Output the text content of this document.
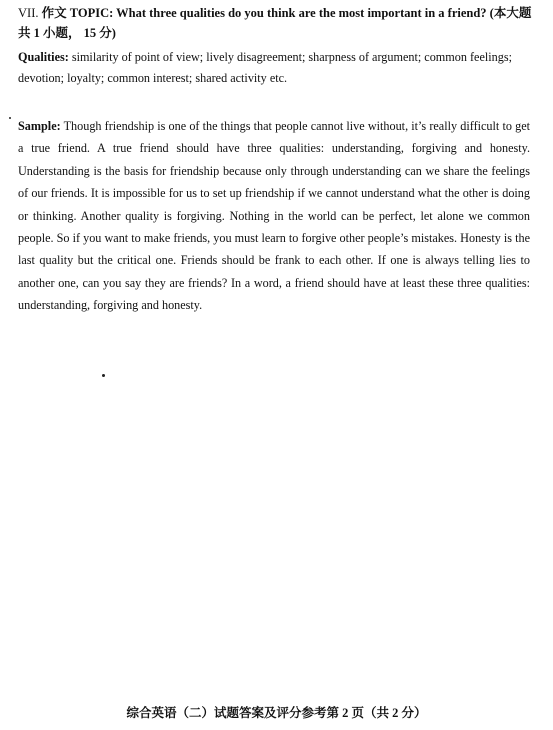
VII. 作文 TOPIC: What three qualities do you think are the most important in a friend? (本大题共 1 小题， 15 分)

Qualities: similarity of point of view; lively disagreement; sharpness of argument; common feelings; devotion; loyalty; common interest; shared activity etc.

Sample: Though friendship is one of the things that people cannot live without, it’s really difficult to get a true friend. A true friend should have three qualities: understanding, forgiving and honesty. Understanding is the basis for friendship because only through understanding can we share the feelings of our friends. It is impossible for us to set up friendship if we cannot understand what the other is doing or thinking. Another quality is forgiving. Nothing in the world can be perfect, let alone we common people. So if you want to make friends, you must learn to forgive other people’s mistakes. Honesty is the last quality but the critical one. Friends should be frank to each other. If one is always telling lies to another one, can you say they are friends? In a word, a friend should have at least these three qualities: understanding, forgiving and honesty.

综合英语（二）试题答案及评分参考第 2 页（共 2 分）
